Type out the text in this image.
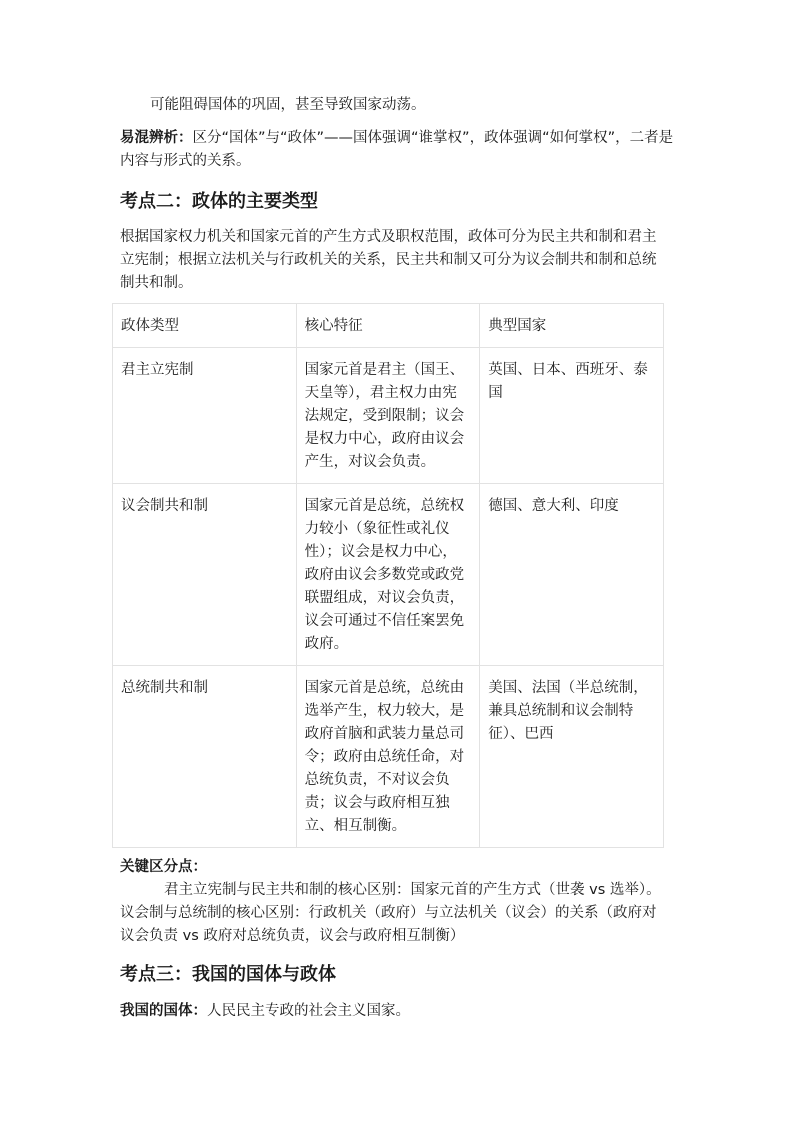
可能阻碍国体的巩固，甚至导致国家动荡。

易混辨析：区分“国体”与“政体”——国体强调“谁掌权”，政体强调“如何掌权”，二者是内容与形式的关系。

考点二：政体的主要类型

根据国家权力机关和国家元首的产生方式及职权范围，政体可分为民主共和制和君主立宪制；根据立法机关与行政机关的关系，民主共和制又可分为议会制共和制和总统制共和制。

政体类型	核心特征	典型国家
君主立宪制	国家元首是君主（国王、天皇等），君主权力由宪法规定，受到限制；议会是权力中心，政府由议会产生，对议会负责。	英国、日本、西班牙、泰国
议会制共和制	国家元首是总统，总统权力较小（象征性或礼仪性）；议会是权力中心，政府由议会多数党或政党联盟组成，对议会负责，议会可通过不信任案罢免政府。	德国、意大利、印度
总统制共和制	国家元首是总统，总统由选举产生，权力较大，是政府首脑和武装力量总司令；政府由总统任命，对总统负责，不对议会负责；议会与政府相互独立、相互制衡。	美国、法国（半总统制，兼具总统制和议会制特征）、巴西

关键区分点：

君主立宪制与民主共和制的核心区别：国家元首的产生方式（世袭 vs 选举）。

议会制与总统制的核心区别：行政机关（政府）与立法机关（议会）的关系（政府对议会负责 vs 政府对总统负责，议会与政府相互制衡）

考点三：我国的国体与政体

我国的国体：人民民主专政的社会主义国家。
